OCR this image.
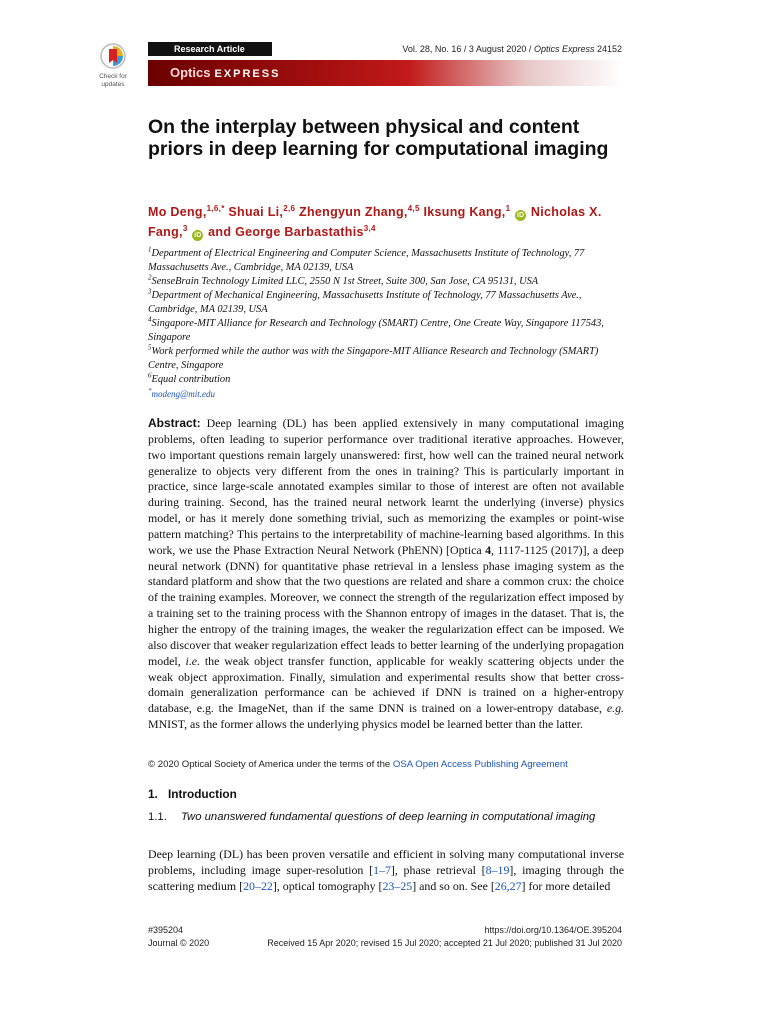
Check for
updates
Research Article	Vol. 28, No. 16 / 3 August 2020 / Optics Express 24152
Optics EXPRESS
On the interplay between physical and content priors in deep learning for computational imaging

Mo Deng,$^{1,6,*}$ Shuai Li,$^{2,6}$ Zhengyun Zhang,$^{4,5}$ Iksung Kang,$^1$ iD Nicholas X. Fang,$^3$ iD and George Barbastathis$^{3,4}$

$^1$Department of Electrical Engineering and Computer Science, Massachusetts Institute of Technology, 77 Massachusetts Ave., Cambridge, MA 02139, USA

$^2$SenseBrain Technology Limited LLC, 2550 N 1st Street, Suite 300, San Jose, CA 95131, USA

$^3$Department of Mechanical Engineering, Massachusetts Institute of Technology, 77 Massachusetts Ave., Cambridge, MA 02139, USA

$^4$Singapore-MIT Alliance for Research and Technology (SMART) Centre, One Create Way, Singapore 117543, Singapore

$^5$Work performed while the author was with the Singapore-MIT Alliance Research and Technology (SMART) Centre, Singapore

$^6$Equal contribution

*modeng@mit.edu

Abstract: Deep learning (DL) has been applied extensively in many computational imaging problems, often leading to superior performance over traditional iterative approaches. However, two important questions remain largely unanswered: first, how well can the trained neural network generalize to objects very different from the ones in training? This is particularly important in practice, since large-scale annotated examples similar to those of interest are often not available during training. Second, has the trained neural network learnt the underlying (inverse) physics model, or has it merely done something trivial, such as memorizing the examples or point-wise pattern matching? This pertains to the interpretability of machine-learning based algorithms. In this work, we use the Phase Extraction Neural Network (PhENN) [Optica 4, 1117-1125 (2017)], a deep neural network (DNN) for quantitative phase retrieval in a lensless phase imaging system as the standard platform and show that the two questions are related and share a common crux: the choice of the training examples. Moreover, we connect the strength of the regularization effect imposed by a training set to the training process with the Shannon entropy of images in the dataset. That is, the higher the entropy of the training images, the weaker the regularization effect can be imposed. We also discover that weaker regularization effect leads to better learning of the underlying propagation model, i.e. the weak object transfer function, applicable for weakly scattering objects under the weak object approximation. Finally, simulation and experimental results show that better cross-domain generalization performance can be achieved if DNN is trained on a higher-entropy database, e.g. the ImageNet, than if the same DNN is trained on a lower-entropy database, e.g. MNIST, as the former allows the underlying physics model be learned better than the latter.

© 2020 Optical Society of America under the terms of the OSA Open Access Publishing Agreement

1. Introduction
1.1.	Two unanswered fundamental questions of deep learning in computational imaging

Deep learning (DL) has been proven versatile and efficient in solving many computational inverse problems, including image super-resolution [1–7], phase retrieval [8–19], imaging through the scattering medium [20–22], optical tomography [23–25] and so on. See [26,27] for more detailed

#395204	https://doi.org/10.1364/OE.395204
Journal © 2020	Received 15 Apr 2020; revised 15 Jul 2020; accepted 21 Jul 2020; published 31 Jul 2020
